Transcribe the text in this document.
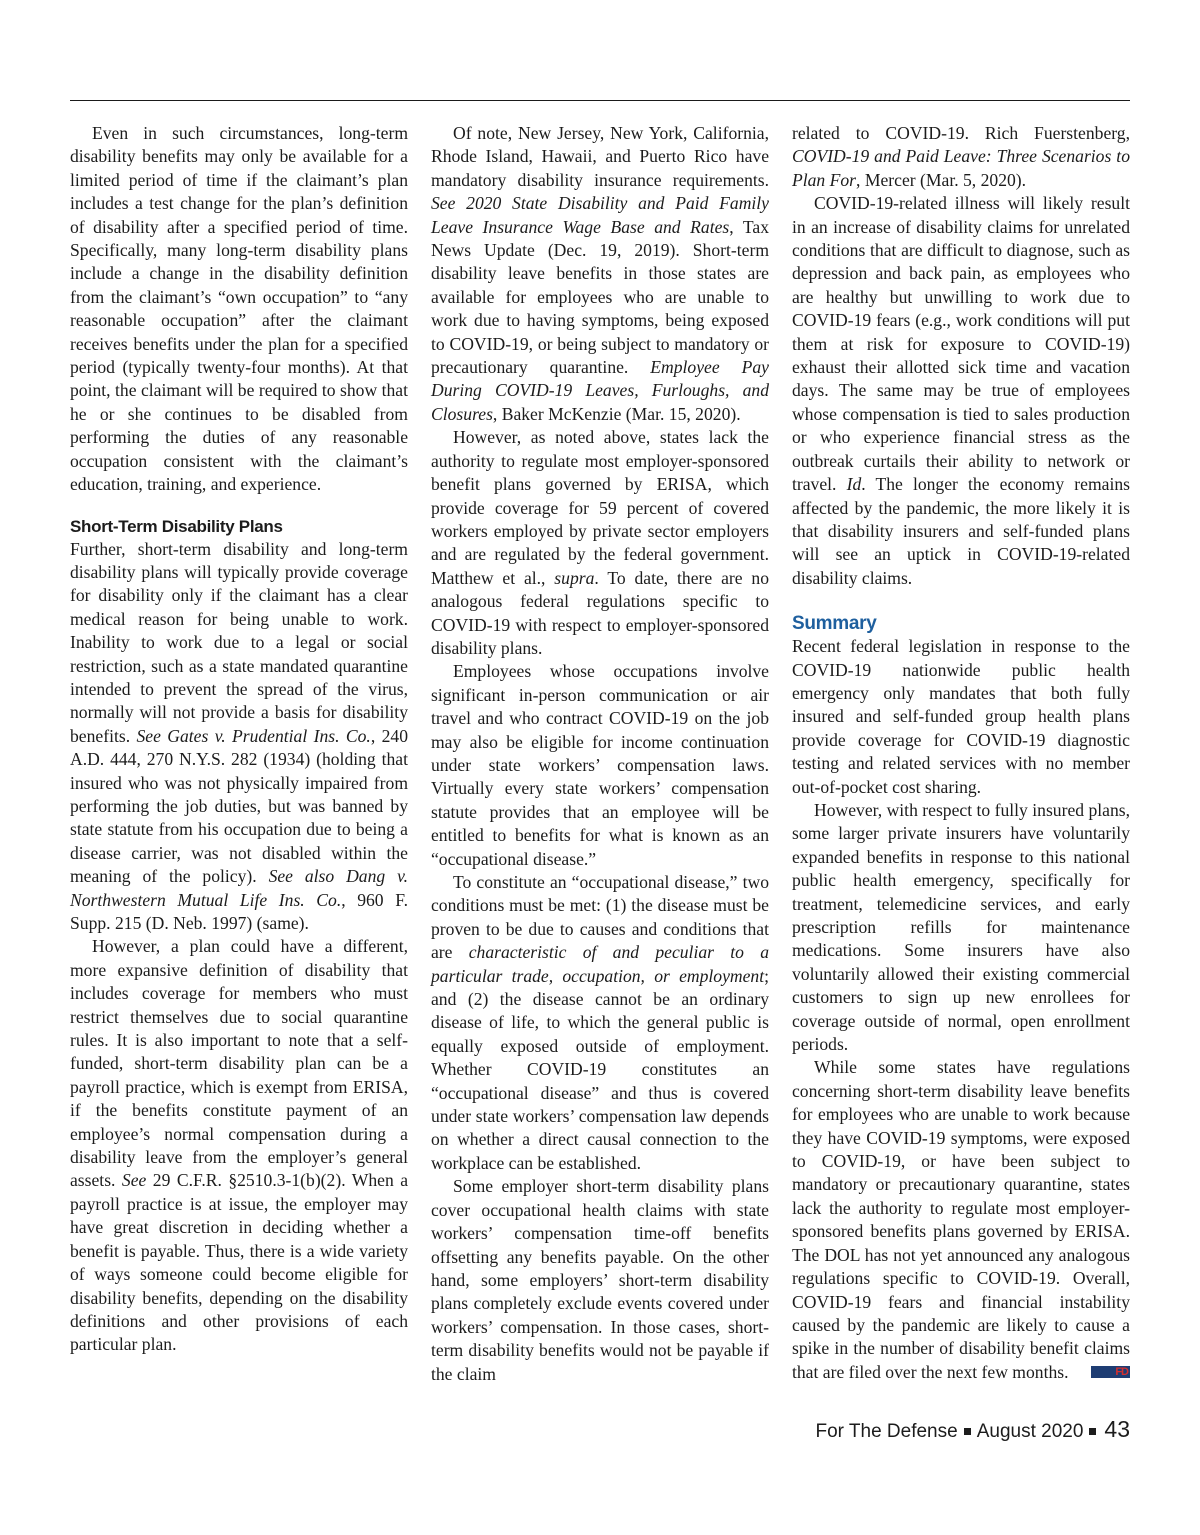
Even in such circumstances, long-term disability benefits may only be available for a limited period of time if the claimant’s plan includes a test change for the plan’s definition of disability after a specified period of time. Specifically, many long-term disability plans include a change in the disability definition from the claimant’s “own occupation” to “any reasonable occupation” after the claimant receives benefits under the plan for a specified period (typically twenty-four months). At that point, the claimant will be required to show that he or she continues to be disabled from performing the duties of any reasonable occupation consistent with the claimant’s education, training, and experience.

Short-Term Disability Plans

Further, short-term disability and long-term disability plans will typically provide coverage for disability only if the claimant has a clear medical reason for being unable to work. Inability to work due to a legal or social restriction, such as a state mandated quarantine intended to prevent the spread of the virus, normally will not provide a basis for disability benefits. See Gates v. Prudential Ins. Co., 240 A.D. 444, 270 N.Y.S. 282 (1934) (holding that insured who was not physically impaired from performing the job duties, but was banned by state statute from his occupation due to being a disease carrier, was not disabled within the meaning of the policy). See also Dang v. Northwestern Mutual Life Ins. Co., 960 F. Supp. 215 (D. Neb. 1997) (same).

However, a plan could have a different, more expansive definition of disability that includes coverage for members who must restrict themselves due to social quarantine rules. It is also important to note that a self-funded, short-term disability plan can be a payroll practice, which is exempt from ERISA, if the benefits constitute payment of an employee’s normal compensation during a disability leave from the employer’s general assets. See 29 C.F.R. §2510.3-1(b)(2). When a payroll practice is at issue, the employer may have great discretion in deciding whether a benefit is payable. Thus, there is a wide variety of ways someone could become eligible for disability benefits, depending on the disability definitions and other provisions of each particular plan.

Of note, New Jersey, New York, California, Rhode Island, Hawaii, and Puerto Rico have mandatory disability insurance requirements. See 2020 State Disability and Paid Family Leave Insurance Wage Base and Rates, Tax News Update (Dec. 19, 2019). Short-term disability leave benefits in those states are available for employees who are unable to work due to having symptoms, being exposed to COVID-19, or being subject to mandatory or precautionary quarantine. Employee Pay During COVID-19 Leaves, Furloughs, and Closures, Baker McKenzie (Mar. 15, 2020).

However, as noted above, states lack the authority to regulate most employer-sponsored benefit plans governed by ERISA, which provide coverage for 59 percent of covered workers employed by private sector employers and are regulated by the federal government. Matthew et al., supra. To date, there are no analogous federal regulations specific to COVID-19 with respect to employer-sponsored disability plans.

Employees whose occupations involve significant in-person communication or air travel and who contract COVID-19 on the job may also be eligible for income continuation under state workers’ compensation laws. Virtually every state workers’ compensation statute provides that an employee will be entitled to benefits for what is known as an “occupational disease.”

To constitute an “occupational disease,” two conditions must be met: (1) the disease must be proven to be due to causes and conditions that are characteristic of and peculiar to a particular trade, occupation, or employment; and (2) the disease cannot be an ordinary disease of life, to which the general public is equally exposed outside of employment. Whether COVID-19 constitutes an “occupational disease” and thus is covered under state workers’ compensation law depends on whether a direct causal connection to the workplace can be established.

Some employer short-term disability plans cover occupational health claims with state workers’ compensation time-off benefits offsetting any benefits payable. On the other hand, some employers’ short-term disability plans completely exclude events covered under workers’ compensation. In those cases, short-term disability benefits would not be payable if the claim

related to COVID-19. Rich Fuerstenberg, COVID-19 and Paid Leave: Three Scenarios to Plan For, Mercer (Mar. 5, 2020).

COVID-19-related illness will likely result in an increase of disability claims for unrelated conditions that are difficult to diagnose, such as depression and back pain, as employees who are healthy but unwilling to work due to COVID-19 fears (e.g., work conditions will put them at risk for exposure to COVID-19) exhaust their allotted sick time and vacation days. The same may be true of employees whose compensation is tied to sales production or who experience financial stress as the outbreak curtails their ability to network or travel. Id. The longer the economy remains affected by the pandemic, the more likely it is that disability insurers and self-funded plans will see an uptick in COVID-19-related disability claims.

Summary

Recent federal legislation in response to the COVID-19 nationwide public health emergency only mandates that both fully insured and self-funded group health plans provide coverage for COVID-19 diagnostic testing and related services with no member out-of-pocket cost sharing.

However, with respect to fully insured plans, some larger private insurers have voluntarily expanded benefits in response to this national public health emergency, specifically for treatment, telemedicine services, and early prescription refills for maintenance medications. Some insurers have also voluntarily allowed their existing commercial customers to sign up new enrollees for coverage outside of normal, open enrollment periods.

While some states have regulations concerning short-term disability leave benefits for employees who are unable to work because they have COVID-19 symptoms, were exposed to COVID-19, or have been subject to mandatory or precautionary quarantine, states lack the authority to regulate most employer-sponsored benefits plans governed by ERISA. The DOL has not yet announced any analogous regulations specific to COVID-19. Overall, COVID-19 fears and financial instability caused by the pandemic are likely to cause a spike in the number of disability benefit claims that are filed over the next few months.	FD

For The Defense August 2020 43
